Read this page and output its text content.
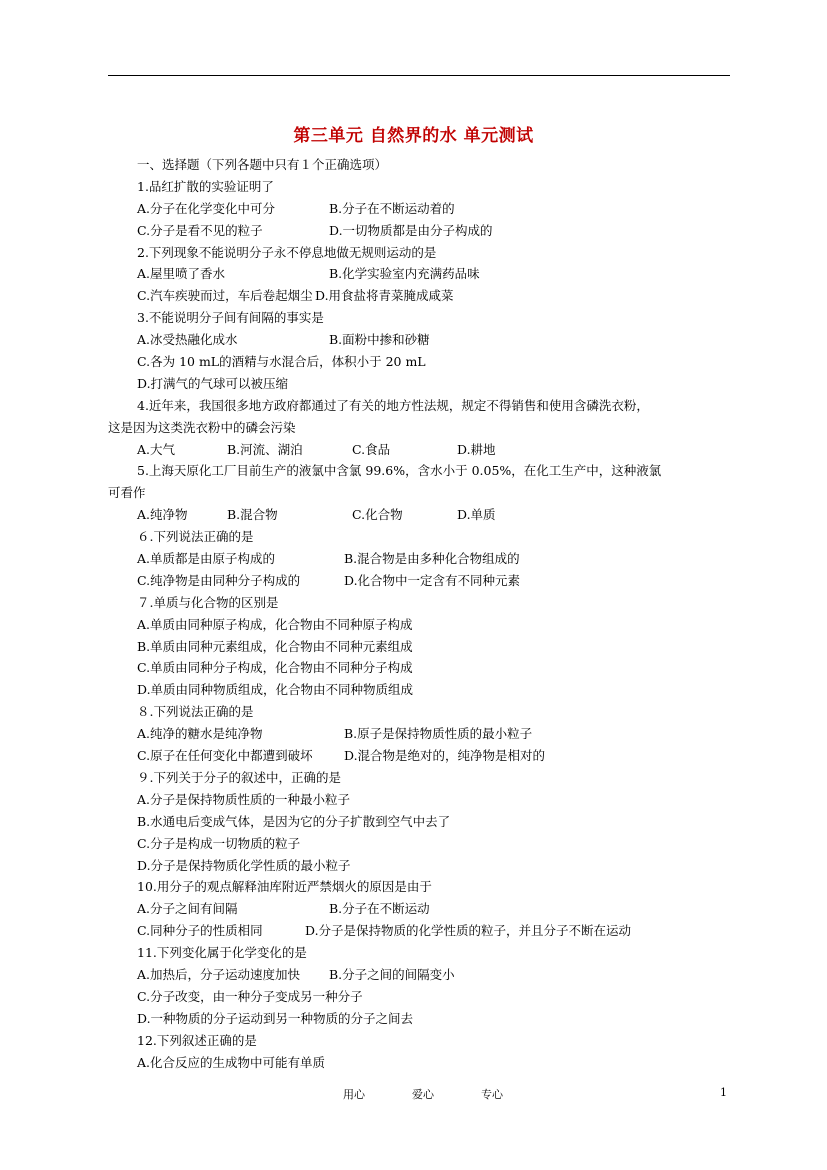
第三单元 自然界的水 单元测试
一、选择题（下列各题中只有１个正确选项）
1.品红扩散的实验证明了
A.分子在化学变化中可分	B.分子在不断运动着的
C.分子是看不见的粒子	D.一切物质都是由分子构成的
2.下列现象不能说明分子永不停息地做无规则运动的是
A.屋里喷了香水	B.化学实验室内充满药品味
C.汽车疾驶而过，车后卷起烟尘 D.用食盐将青菜腌成咸菜
3.不能说明分子间有间隔的事实是
A.冰受热融化成水	B.面粉中掺和砂糖
C.各为 10 mL的酒精与水混合后，体积小于 20 mL
D.打满气的气球可以被压缩
4.近年来，我国很多地方政府都通过了有关的地方性法规，规定不得销售和使用含磷洗衣粉，
这是因为这类洗衣粉中的磷会污染
A.大气	B.河流、湖泊	C.食品	D.耕地
5.上海天原化工厂目前生产的液氯中含氯 99.6%，含水小于 0.05%，在化工生产中，这种液氯
可看作
A.纯净物	B.混合物	C.化合物	D.单质
６.下列说法正确的是
A.单质都是由原子构成的	B.混合物是由多种化合物组成的
C.纯净物是由同种分子构成的	D.化合物中一定含有不同种元素
７.单质与化合物的区别是
A.单质由同种原子构成，化合物由不同种原子构成
B.单质由同种元素组成，化合物由不同种元素组成
C.单质由同种分子构成，化合物由不同种分子构成
D.单质由同种物质组成，化合物由不同种物质组成
８.下列说法正确的是
A.纯净的糖水是纯净物	B.原子是保持物质性质的最小粒子
C.原子在任何变化中都遭到破坏	D.混合物是绝对的，纯净物是相对的
９.下列关于分子的叙述中，正确的是
A.分子是保持物质性质的一种最小粒子
B.水通电后变成气体，是因为它的分子扩散到空气中去了
C.分子是构成一切物质的粒子
D.分子是保持物质化学性质的最小粒子
10.用分子的观点解释油库附近严禁烟火的原因是由于
A.分子之间有间隔	B.分子在不断运动
C.同种分子的性质相同	D.分子是保持物质的化学性质的粒子，并且分子不断在运动
11.下列变化属于化学变化的是
A.加热后，分子运动速度加快	B.分子之间的间隔变小
C.分子改变，由一种分子变成另一种分子
D.一种物质的分子运动到另一种物质的分子之间去
12.下列叙述正确的是
A.化合反应的生成物中可能有单质
用心  爱心  专心	1
